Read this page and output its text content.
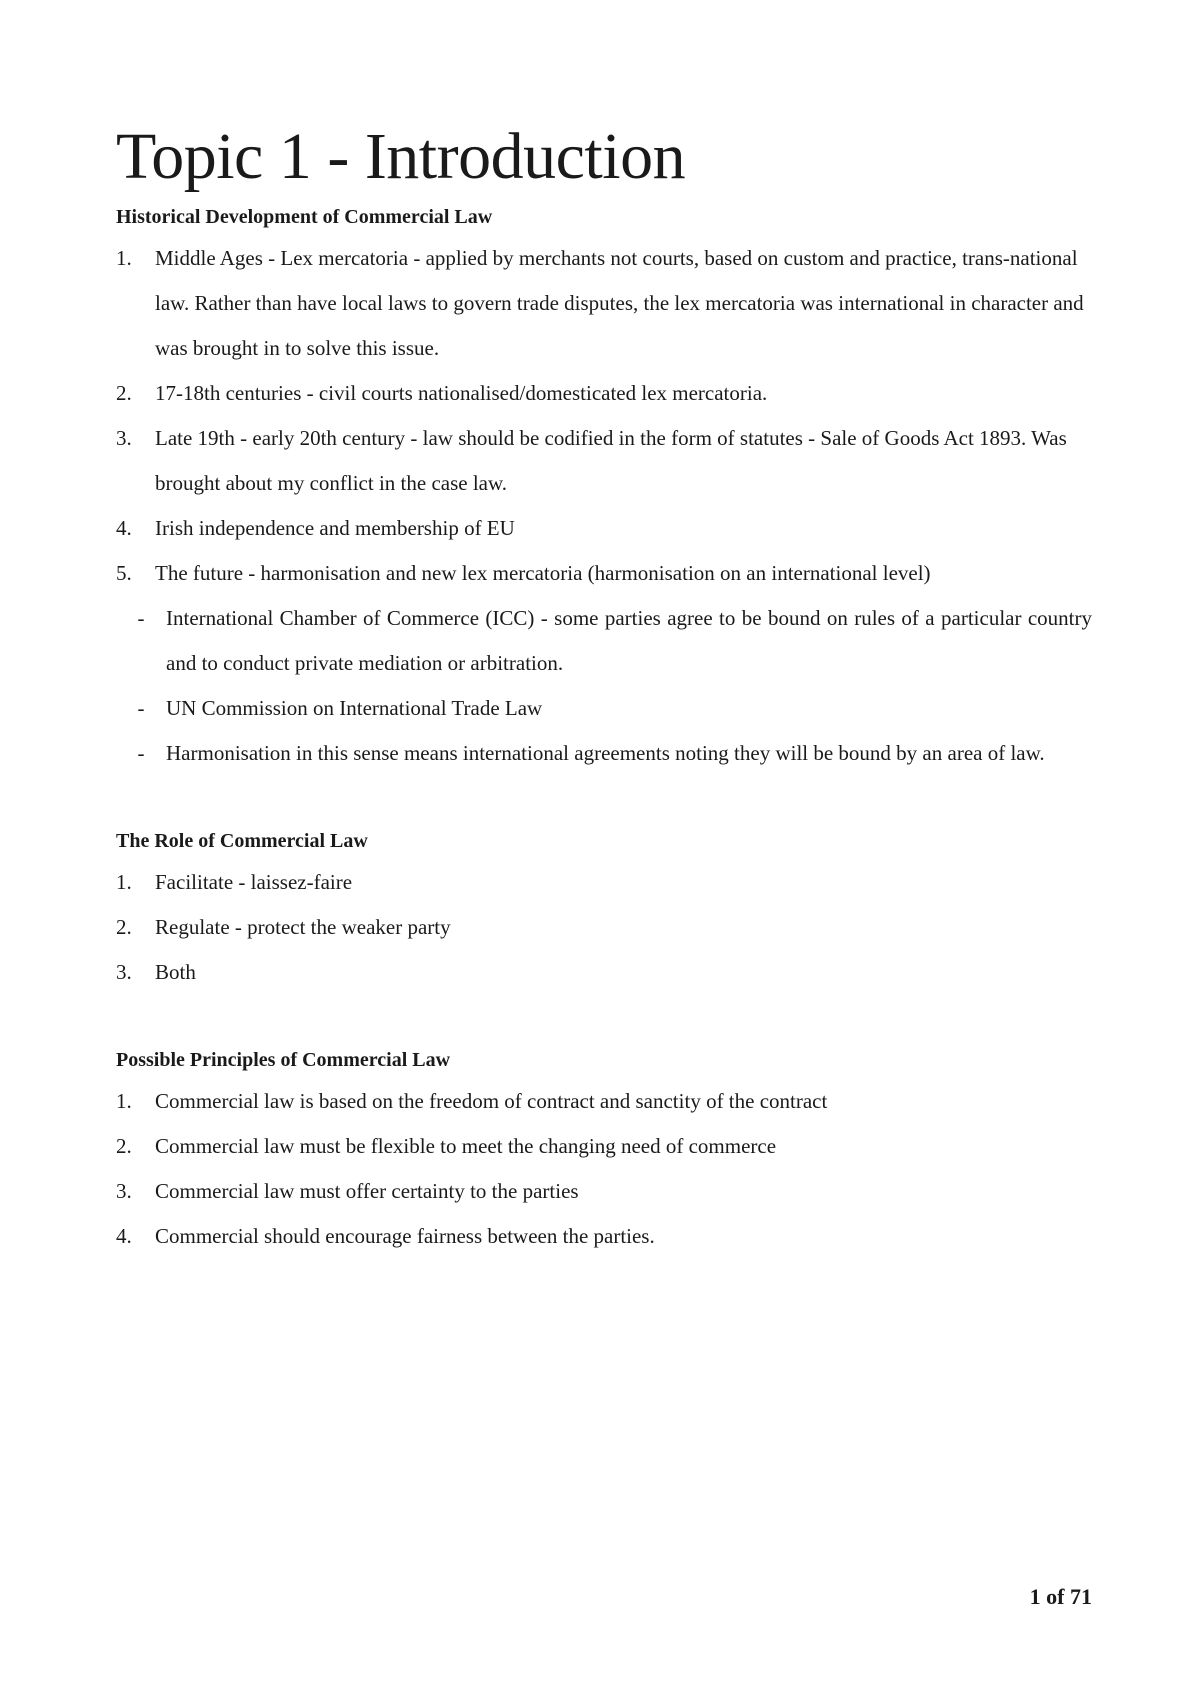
Topic 1 - Introduction
Historical Development of Commercial Law
1.	Middle Ages - Lex mercatoria - applied by merchants not courts, based on custom and practice, trans-national law. Rather than have local laws to govern trade disputes, the lex mercatoria was international in character and was brought in to solve this issue.
2.	17-18th centuries - civil courts nationalised/domesticated lex mercatoria.
3.	Late 19th - early 20th century - law should be codified in the form of statutes - Sale of Goods Act 1893. Was brought about my conflict in the case law.
4.	Irish independence and membership of EU
5.	The future - harmonisation and new lex mercatoria (harmonisation on an international level)
-	International Chamber of Commerce (ICC) - some parties agree to be bound on rules of a particular country and to conduct private mediation or arbitration.
-	UN Commission on International Trade Law
-	Harmonisation in this sense means international agreements noting they will be bound by an area of law.
The Role of Commercial Law
1.	Facilitate - laissez-faire
2.	Regulate - protect the weaker party
3.	Both
Possible Principles of Commercial Law
1.	Commercial law is based on the freedom of contract and sanctity of the contract
2.	Commercial law must be flexible to meet the changing need of commerce
3.	Commercial law must offer certainty to the parties
4.	Commercial should encourage fairness between the parties.
1 of 71
